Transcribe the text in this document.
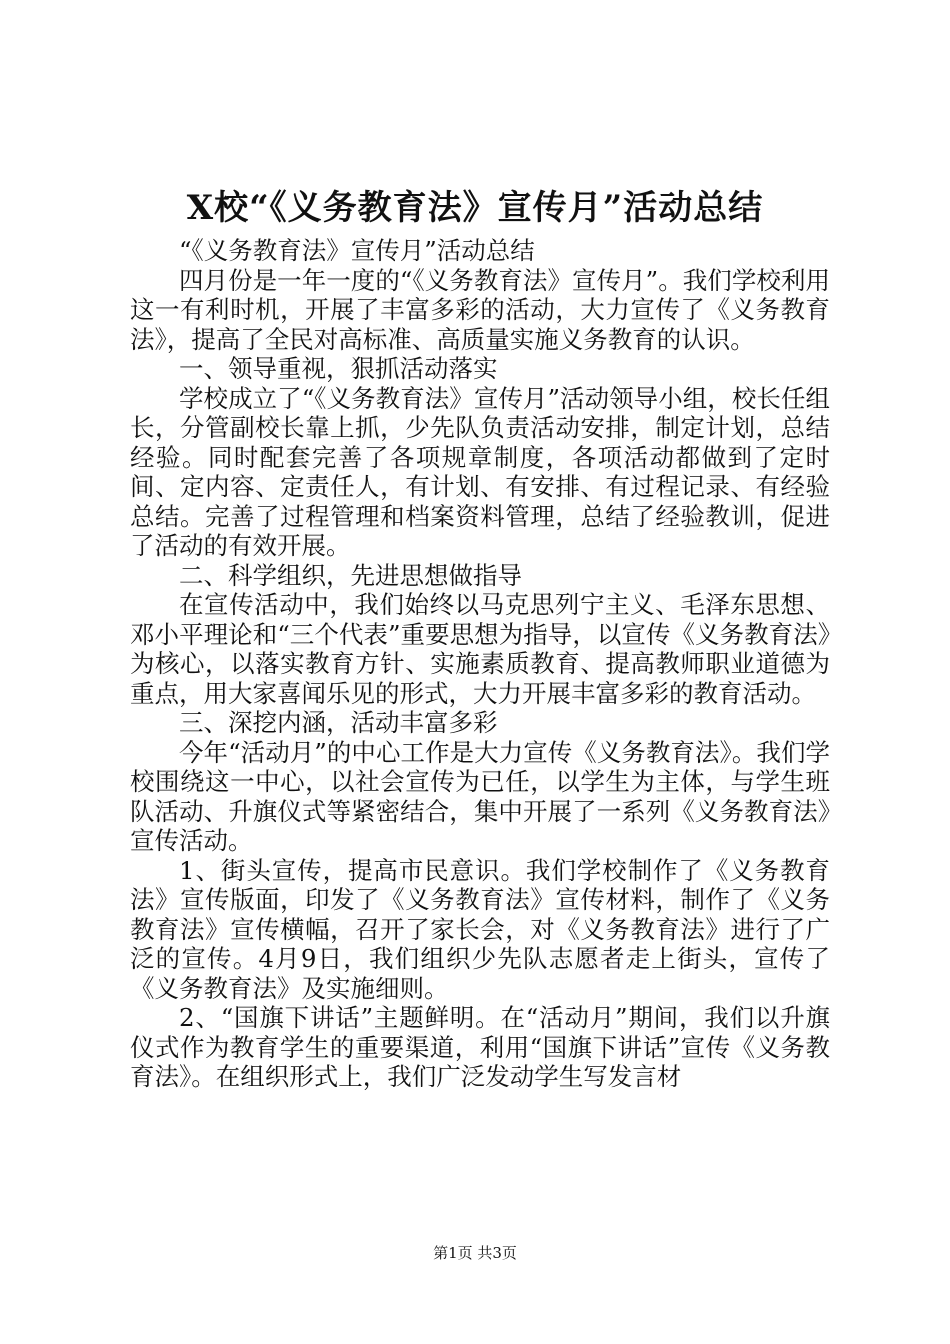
X校“《义务教育法》宣传月”活动总结

“《义务教育法》宣传月”活动总结

四月份是一年一度的“《义务教育法》宣传月”。我们学校利用这一有利时机，开展了丰富多彩的活动，大力宣传了《义务教育法》，提高了全民对高标准、高质量实施义务教育的认识。

一、领导重视，狠抓活动落实

学校成立了“《义务教育法》宣传月”活动领导小组，校长任组长，分管副校长靠上抓，少先队负责活动安排，制定计划，总结经验。同时配套完善了各项规章制度，各项活动都做到了定时间、定内容、定责任人，有计划、有安排、有过程记录、有经验总结。完善了过程管理和档案资料管理，总结了经验教训，促进了活动的有效开展。

二、科学组织，先进思想做指导

在宣传活动中，我们始终以马克思列宁主义、毛泽东思想、邓小平理论和“三个代表”重要思想为指导，以宣传《义务教育法》为核心，以落实教育方针、实施素质教育、提高教师职业道德为重点，用大家喜闻乐见的形式，大力开展丰富多彩的教育活动。

三、深挖内涵，活动丰富多彩

今年“活动月”的中心工作是大力宣传《义务教育法》。我们学校围绕这一中心，以社会宣传为已任，以学生为主体，与学生班队活动、升旗仪式等紧密结合，集中开展了一系列《义务教育法》宣传活动。

1、街头宣传，提高市民意识。我们学校制作了《义务教育法》宣传版面，印发了《义务教育法》宣传材料，制作了《义务教育法》宣传横幅，召开了家长会，对《义务教育法》进行了广泛的宣传。4月9日，我们组织少先队志愿者走上街头，宣传了《义务教育法》及实施细则。

2、“国旗下讲话”主题鲜明。在“活动月”期间，我们以升旗仪式作为教育学生的重要渠道，利用“国旗下讲话”宣传《义务教育法》。在组织形式上，我们广泛发动学生写发言材

第1页 共3页
